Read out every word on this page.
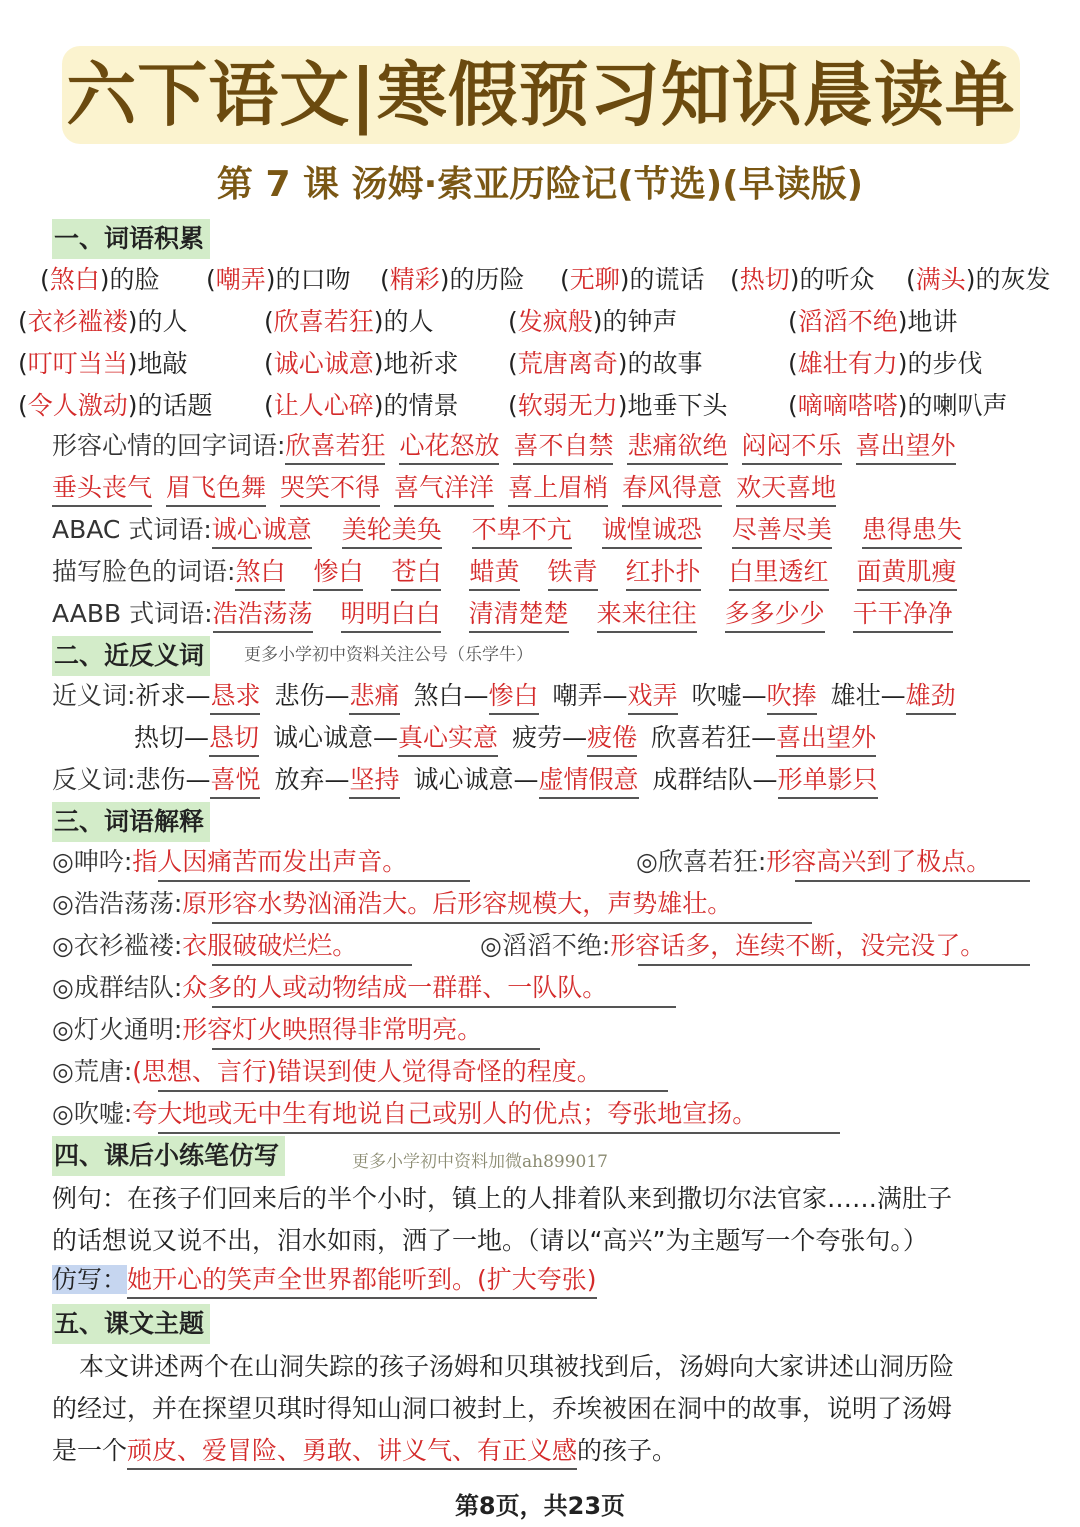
六下语文|寒假预习知识晨读单
第 7 课 汤姆·索亚历险记(节选)(早读版)
一、词语积累
(煞白)的脸 (嘲弄)的口吻 (精彩)的历险 (无聊)的谎话 (热切)的听众 (满头)的灰发
(衣衫褴褛)的人	(欣喜若狂)的人	(发疯般)的钟声	(滔滔不绝)地讲
(叮叮当当)地敲	(诚心诚意)地祈求 (荒唐离奇)的故事	(雄壮有力)的步伐
(令人激动)的话题 (让人心碎)的情景 (软弱无力)地垂下头 (嘀嘀嗒嗒)的喇叭声
形容心情的回字词语:欣喜若狂 心花怒放 喜不自禁 悲痛欲绝 闷闷不乐 喜出望外
垂头丧气 眉飞色舞 哭笑不得 喜气洋洋 喜上眉梢 春风得意 欢天喜地
ABAC 式词语:诚心诚意 美轮美奂 不卑不亢 诚惶诚恐 尽善尽美 患得患失
描写脸色的词语:煞白 惨白 苍白 蜡黄 铁青 红扑扑 白里透红 面黄肌瘦
AABB 式词语:浩浩荡荡 明明白白 清清楚楚 来来往往 多多少少 干干净净
二、近反义词	更多小学初中资料关注公号（乐学牛）
近义词:祈求—恳求 悲伤—悲痛 煞白—惨白 嘲弄—戏弄 吹嘘—吹捧 雄壮—雄劲
热切—恳切 诚心诚意—真心实意 疲劳—疲倦 欣喜若狂—喜出望外
反义词:悲伤—喜悦 放弃—坚持 诚心诚意—虚情假意 成群结队—形单影只
三、词语解释
◎呻吟:指人因痛苦而发出声音。	◎欣喜若狂:形容高兴到了极点。
◎浩浩荡荡:原形容水势汹涌浩大。后形容规模大，声势雄壮。
◎衣衫褴褛:衣服破破烂烂。	◎滔滔不绝:形容话多，连续不断，没完没了。
◎成群结队:众多的人或动物结成一群群、一队队。
◎灯火通明:形容灯火映照得非常明亮。
◎荒唐:(思想、言行)错误到使人觉得奇怪的程度。
◎吹嘘:夸大地或无中生有地说自己或别人的优点；夸张地宣扬。
四、课后小练笔仿写	更多小学初中资料加微ah899017
例句：在孩子们回来后的半个小时，镇上的人排着队来到撒切尔法官家……满肚子
的话想说又说不出，泪水如雨，洒了一地。（请以“高兴”为主题写一个夸张句。）
仿写：她开心的笑声全世界都能听到。(扩大夸张)
五、课文主题
本文讲述两个在山洞失踪的孩子汤姆和贝琪被找到后，汤姆向大家讲述山洞历险
的经过，并在探望贝琪时得知山洞口被封上，乔埃被困在洞中的故事，说明了汤姆
是一个顽皮、爱冒险、勇敢、讲义气、有正义感的孩子。
第8页，共23页
